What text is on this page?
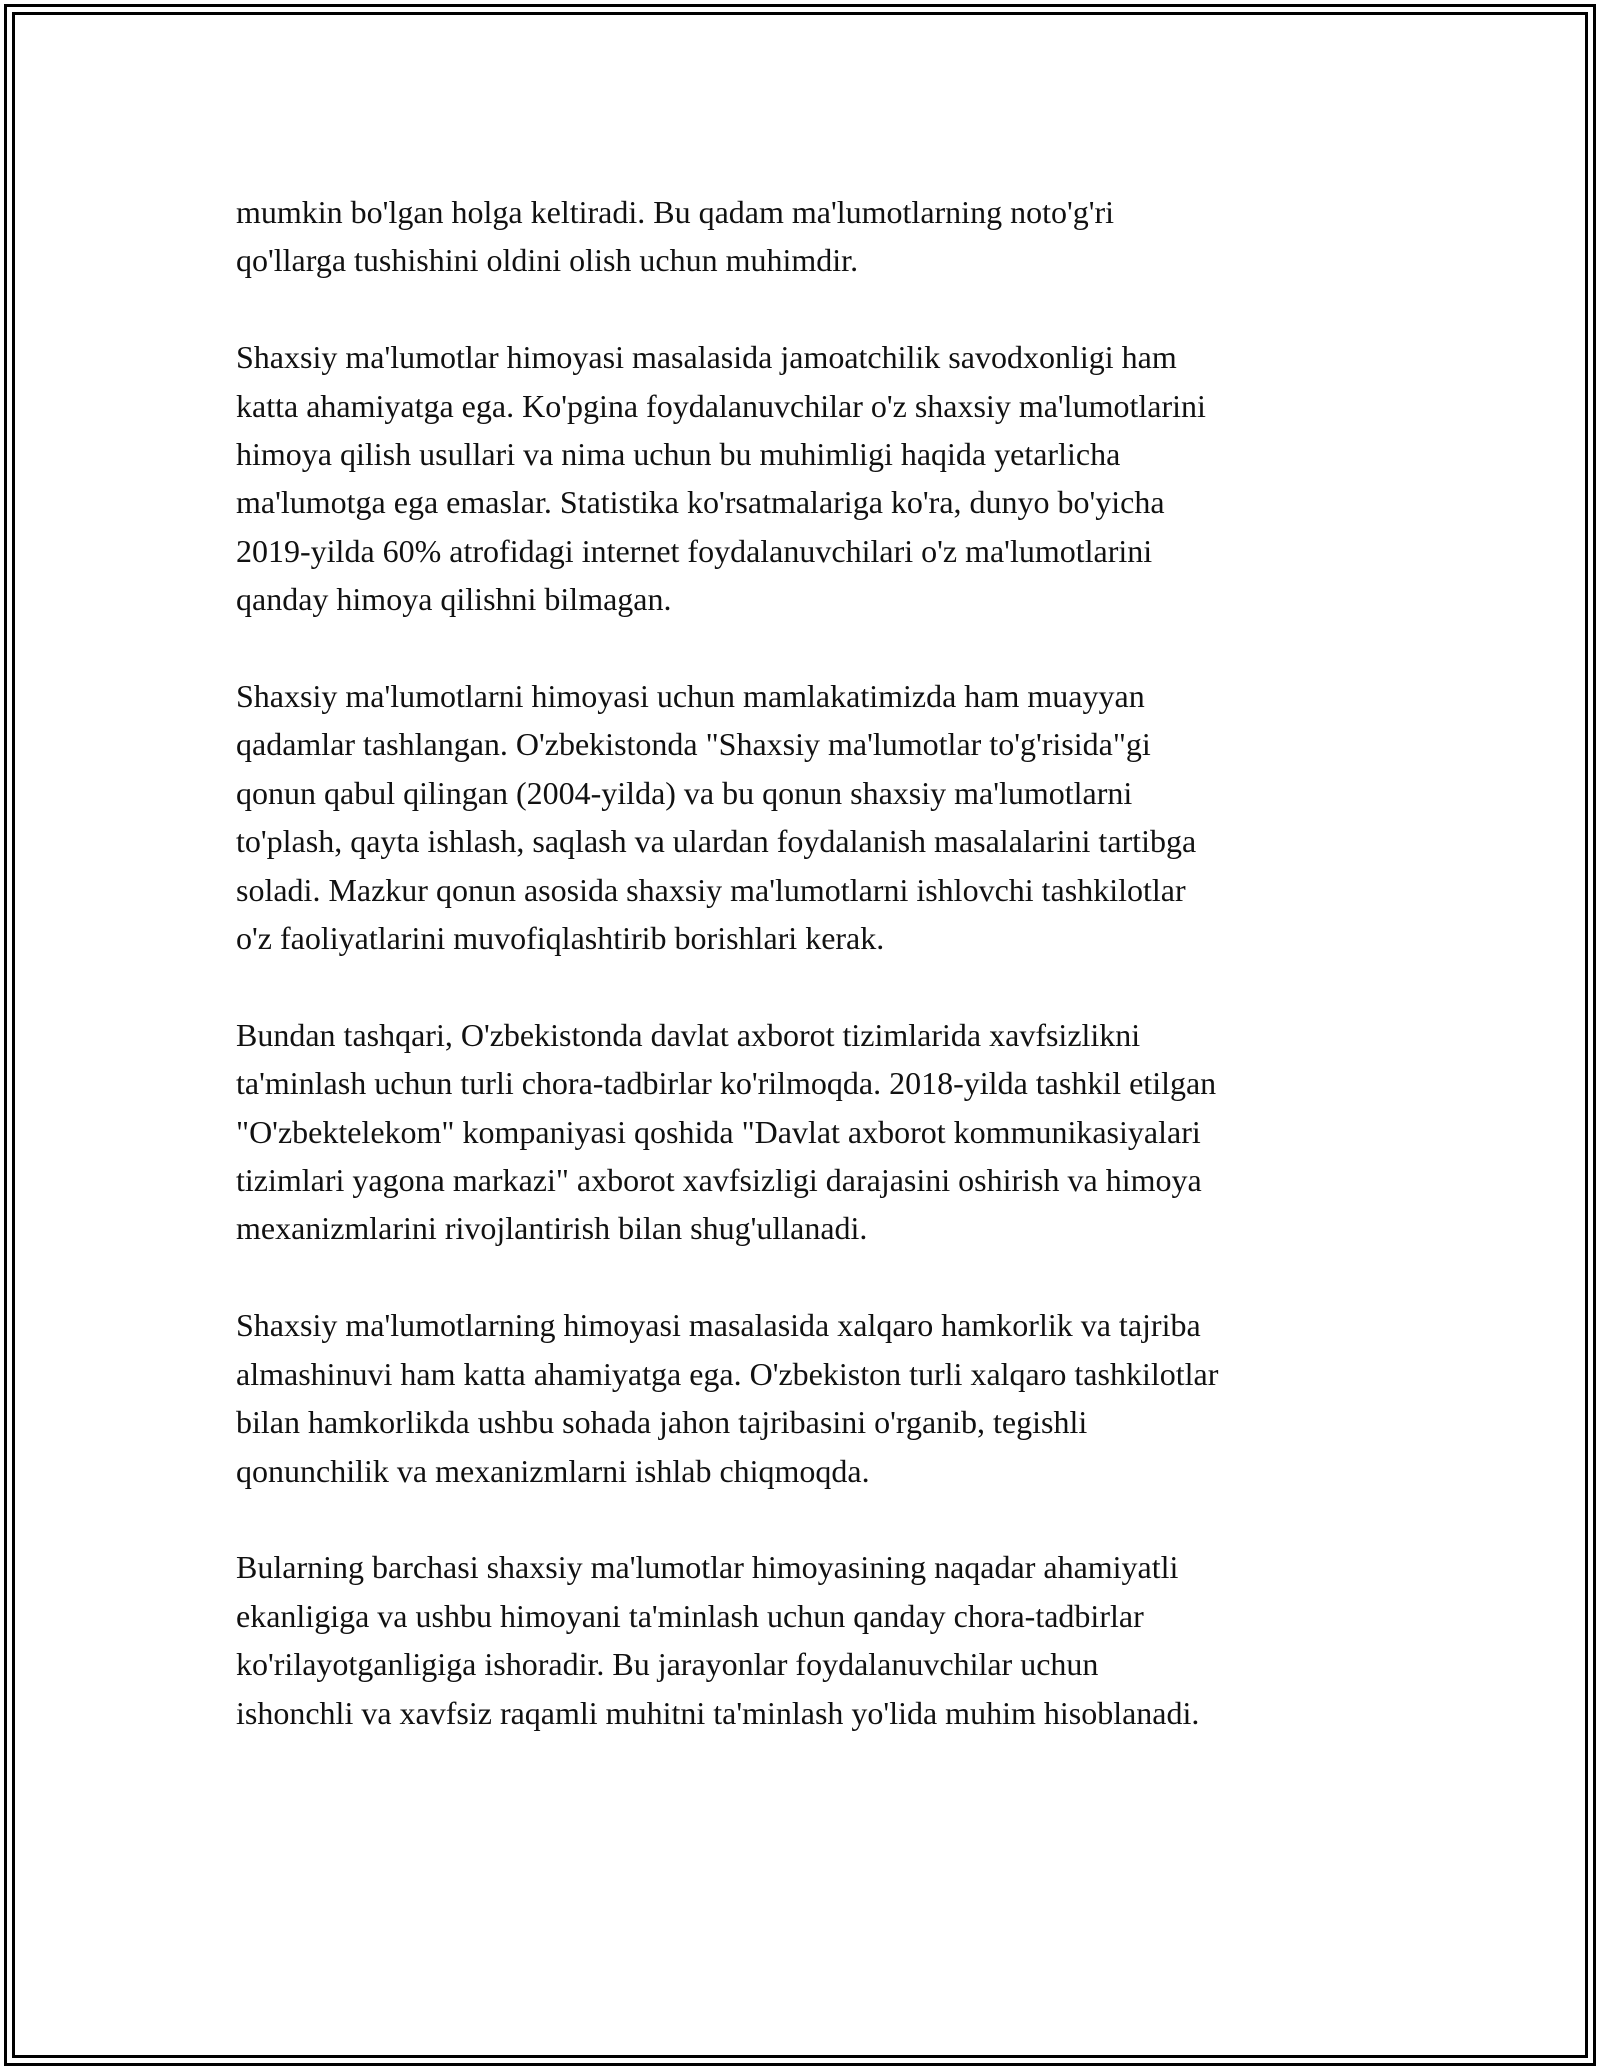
mumkin bo'lgan holga keltiradi. Bu qadam ma'lumotlarning noto'g'ri
qo'llarga tushishini oldini olish uchun muhimdir.

Shaxsiy ma'lumotlar himoyasi masalasida jamoatchilik savodxonligi ham
katta ahamiyatga ega. Ko'pgina foydalanuvchilar o'z shaxsiy ma'lumotlarini
himoya qilish usullari va nima uchun bu muhimligi haqida yetarlicha
ma'lumotga ega emaslar. Statistika ko'rsatmalariga ko'ra, dunyo bo'yicha
2019-yilda 60% atrofidagi internet foydalanuvchilari o'z ma'lumotlarini
qanday himoya qilishni bilmagan.

Shaxsiy ma'lumotlarni himoyasi uchun mamlakatimizda ham muayyan
qadamlar tashlangan. O'zbekistonda "Shaxsiy ma'lumotlar to'g'risida"gi
qonun qabul qilingan (2004-yilda) va bu qonun shaxsiy ma'lumotlarni
to'plash, qayta ishlash, saqlash va ulardan foydalanish masalalarini tartibga
soladi. Mazkur qonun asosida shaxsiy ma'lumotlarni ishlovchi tashkilotlar
o'z faoliyatlarini muvofiqlashtirib borishlari kerak.

Bundan tashqari, O'zbekistonda davlat axborot tizimlarida xavfsizlikni
ta'minlash uchun turli chora-tadbirlar ko'rilmoqda. 2018-yilda tashkil etilgan
"O'zbektelekom" kompaniyasi qoshida "Davlat axborot kommunikasiyalari
tizimlari yagona markazi" axborot xavfsizligi darajasini oshirish va himoya
mexanizmlarini rivojlantirish bilan shug'ullanadi.

Shaxsiy ma'lumotlarning himoyasi masalasida xalqaro hamkorlik va tajriba
almashinuvi ham katta ahamiyatga ega. O'zbekiston turli xalqaro tashkilotlar
bilan hamkorlikda ushbu sohada jahon tajribasini o'rganib, tegishli
qonunchilik va mexanizmlarni ishlab chiqmoqda.

Bularning barchasi shaxsiy ma'lumotlar himoyasining naqadar ahamiyatli
ekanligiga va ushbu himoyani ta'minlash uchun qanday chora-tadbirlar
ko'rilayotganligiga ishoradir. Bu jarayonlar foydalanuvchilar uchun
ishonchli va xavfsiz raqamli muhitni ta'minlash yo'lida muhim hisoblanadi.
